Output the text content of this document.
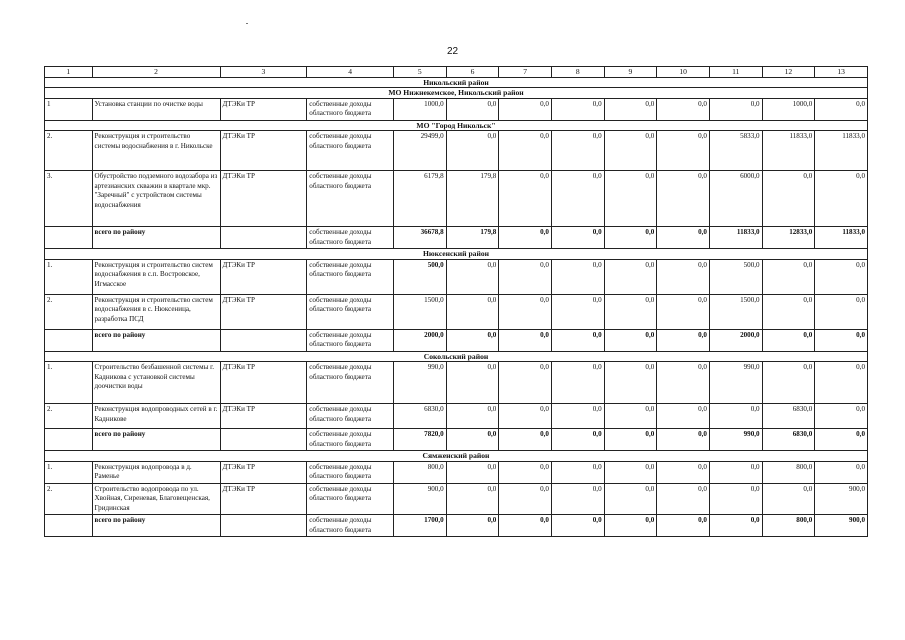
22
1	2	3	4	5	6	7	8	9	10	11	12	13
Никольский район												
МО Нижнекемское, Никольский район												
1	Установка станции по очистке воды	ДТЭКи ТР	собственные доходы областного бюджета	1000,0	0,0	0,0	0,0	0,0	0,0	0,0	1000,0	0,0
МО "Город Никольск"												
2.	Реконструкция и строительство системы водоснабжения в г. Никольске	ДТЭКи ТР	собственные доходы областного бюджета	29499,0	0,0	0,0	0,0	0,0	0,0	5833,0	11833,0	11833,0
3.	Обустройство подземного водозабора из артезианских скважин в квартале мкр. "Заречный" с устройством системы водоснабжения	ДТЭКи ТР	собственные доходы областного бюджета	6179,8	179,8	0,0	0,0	0,0	0,0	6000,0	0,0	0,0
	всего по району		собственные доходы областного бюджета	36678,8	179,8	0,0	0,0	0,0	0,0	11833,0	12833,0	11833,0
Нюксенский район												
1.	Реконструкция и строительство систем водоснабжения в с.п. Востровское, Игмасское	ДТЭКи ТР	собственные доходы областного бюджета	500,0	0,0	0,0	0,0	0,0	0,0	500,0	0,0	0,0
2.	Реконструкция и строительство систем водоснабжения в с. Нюксеница, разработка ПСД	ДТЭКи ТР	собственные доходы областного бюджета	1500,0	0,0	0,0	0,0	0,0	0,0	1500,0	0,0	0,0
	всего по району		собственные доходы областного бюджета	2000,0	0,0	0,0	0,0	0,0	0,0	2000,0	0,0	0,0
Сокольский район												
1.	Строительство безбашенной системы г. Кадникова с установкой системы доочистки воды	ДТЭКи ТР	собственные доходы областного бюджета	990,0	0,0	0,0	0,0	0,0	0,0	990,0	0,0	0,0
2.	Реконструкция водопроводных сетей в г. Кадникове	ДТЭКи ТР	собственные доходы областного бюджета	6830,0	0,0	0,0	0,0	0,0	0,0	0,0	6830,0	0,0
	всего по району		собственные доходы областного бюджета	7820,0	0,0	0,0	0,0	0,0	0,0	990,0	6830,0	0,0
Сямженский район												
1.	Реконструкция водопровода в д. Раменье	ДТЭКи ТР	собственные доходы областного бюджета	800,0	0,0	0,0	0,0	0,0	0,0	0,0	800,0	0,0
2.	Строительство водопровода по ул. Хвойная, Сиреневая, Благовещенская, Гридинская	ДТЭКи ТР	собственные доходы областного бюджета	900,0	0,0	0,0	0,0	0,0	0,0	0,0	0,0	900,0
	всего по району		собственные доходы областного бюджета	1700,0	0,0	0,0	0,0	0,0	0,0	0,0	800,0	900,0
